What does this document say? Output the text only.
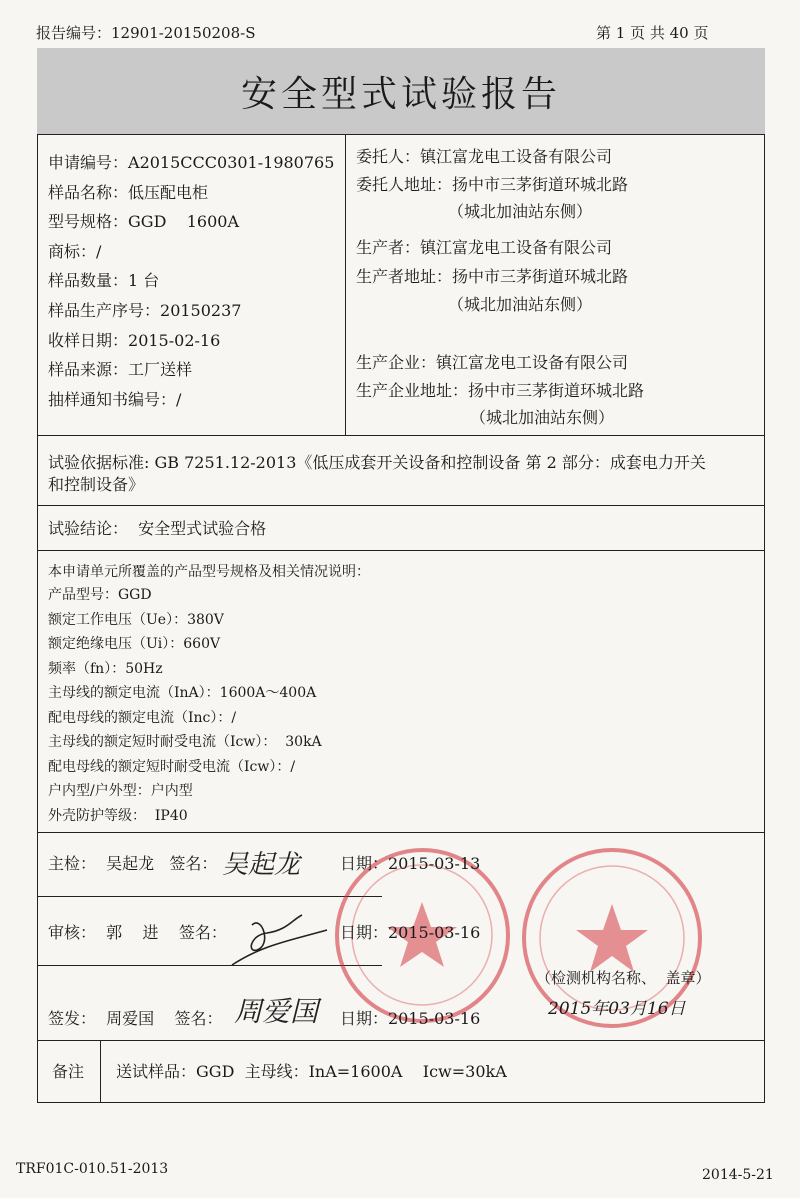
报告编号：12901-20150208-S	第 1 页 共 40 页
安全型式试验报告
申请编号：A2015CCC0301-1980765
样品名称：低压配电柜
型号规格：GGD    1600A
商标：/
样品数量：1 台
样品生产序号：20150237
收样日期：2015-02-16
样品来源：工厂送样
抽样通知书编号：/
委托人：镇江富龙电工设备有限公司
委托人地址：扬中市三茅街道环城北路
（城北加油站东侧）
生产者：镇江富龙电工设备有限公司
生产者地址：扬中市三茅街道环城北路
（城北加油站东侧）
生产企业：镇江富龙电工设备有限公司
生产企业地址：扬中市三茅街道环城北路
（城北加油站东侧）
试验依据标准: GB 7251.12-2013《低压成套开关设备和控制设备 第 2 部分：成套电力开关
和控制设备》
试验结论：  安全型式试验合格
本申请单元所覆盖的产品型号规格及相关情况说明：
产品型号：GGD
额定工作电压（Ue）：380V
额定绝缘电压（Ui）：660V
频率（fn）：50Hz
主母线的额定电流（InA）：1600A～400A
配电母线的额定电流（Inc）：/
主母线的额定短时耐受电流（Icw）：  30kA
配电母线的额定短时耐受电流（Icw）：/
户内型/户外型：户内型
外壳防护等级：  IP40
主检：  吴起龙   签名： 吴起龙 日期：2015-03-13
审核：  郭    进    签名：	日期：2015-03-16
签发：  周爱国    签名： 周爱国 日期：2015-03-16
（检测机构名称、  盖章）
2015年03月16日
备注 送试样品：GGD  主母线：InA=1600A    Icw=30kA
TRF01C-010.51-2013	2014-5-21
